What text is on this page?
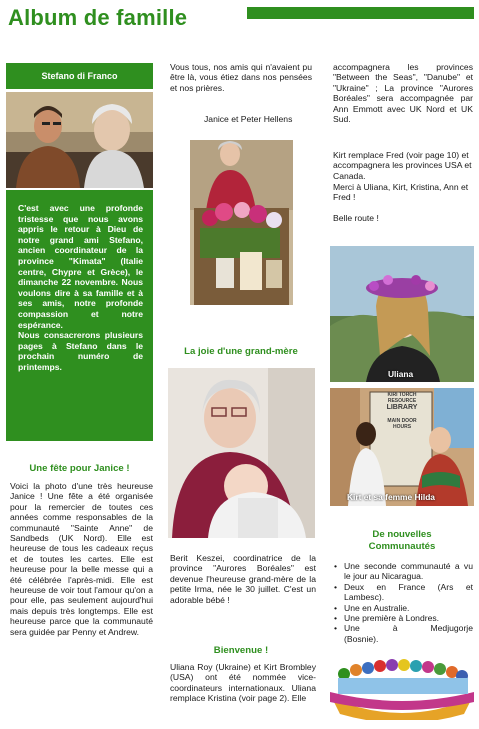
Album de famille
Stefano di Franco

C'est avec une profonde tristesse que nous avons appris le retour à Dieu de notre grand ami Stefano, ancien coordinateur de la province "Kimata" (Italie centre, Chypre et Grèce), le dimanche 22 novembre. Nous voulons dire à sa famille et à ses amis, notre profonde compassion et notre espérance.

Nous consacrerons plusieurs pages à Stefano dans le prochain numéro de printemps.

Une fête pour Janice !
Voici la photo d'une très heureuse Janice ! Une fête a été organisée pour la remercier de toutes ces années comme responsables de la communauté "Sainte Anne" de Sandbeds (UK Nord). Elle est heureuse de tous les cadeaux reçus et de toutes les cartes. Elle est heureuse pour la belle messe qui a été célébrée l'après-midi. Elle est heureuse de voir tout l'amour qu'on a pour elle, pas seulement aujourd'hui mais depuis très longtemps. Elle est heureuse parce que la communauté sera guidée par Penny et Andrew.
Vous tous, nos amis qui n'avaient pu être là, vous étiez dans nos pensées et nos prières.
Janice et Peter Hellens
La joie d'une grand-mère
Berit Keszei, coordinatrice de la province "Aurores Boréales" est devenue l'heureuse grand-mère de la petite Irma, née le 30 juillet. C'est un adorable bébé !
Bienvenue !
Uliana Roy (Ukraine) et Kirt Brombley (USA) ont été nommée vice-coordinateurs internationaux. Uliana remplace Kristina (voir page 2). Elle
accompagnera les provinces "Between the Seas", "Danube" et "Ukraine" ; La province "Aurores Boréales" sera accompagnée par Ann Emmott avec UK Nord et UK Sud.
Kirt remplace Fred (voir page 10) et accompagnera les provinces USA et Canada.
Merci à Uliana, Kirt, Kristina, Ann et Fred !
Belle route !
Uliana
KIRI TORCH
RESOURCE
LIBRARY
MAIN DOOR
HOURS
Kirt et sa femme Hilda
De nouvelles
Communautés
• Une seconde communauté a vu le jour au Nicaragua.
• Deux en France (Ars et Lambesc).
• Une en Australie.
• Une première à Londres.
• Une à Medjugorje (Bosnie).
